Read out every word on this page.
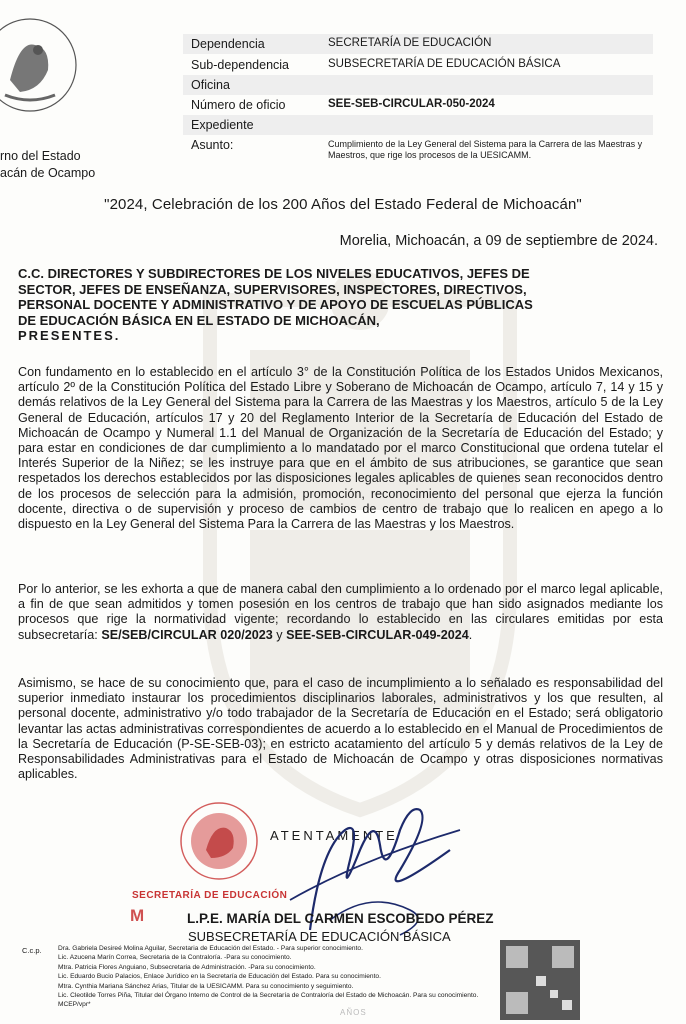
rno del Estado
acán de Ocampo
Dependencia	SECRETARÍA DE EDUCACIÓN
Sub-dependencia	SUBSECRETARÍA DE EDUCACIÓN BÁSICA
Oficina
Número de oficio	SEE-SEB-CIRCULAR-050-2024
Expediente
Asunto:	Cumplimiento de la Ley General del Sistema para la Carrera de las Maestras y Maestros, que rige los procesos de la UESICAMM.
"2024, Celebración de los 200 Años del Estado Federal de Michoacán"
Morelia, Michoacán, a 09 de septiembre de 2024.
C.C. DIRECTORES Y SUBDIRECTORES DE LOS NIVELES EDUCATIVOS, JEFES DE
SECTOR, JEFES DE ENSEÑANZA, SUPERVISORES, INSPECTORES, DIRECTIVOS,
PERSONAL DOCENTE Y ADMINISTRATIVO Y DE APOYO DE ESCUELAS PÚBLICAS
DE EDUCACIÓN BÁSICA EN EL ESTADO DE MICHOACÁN,
PRESENTES.
Con fundamento en lo establecido en el artículo 3° de la Constitución Política de los Estados Unidos Mexicanos, artículo 2º de la Constitución Política del Estado Libre y Soberano de Michoacán de Ocampo, artículo 7, 14 y 15 y demás relativos de la Ley General del Sistema para la Carrera de las Maestras y los Maestros, artículo 5 de la Ley General de Educación, artículos 17 y 20 del Reglamento Interior de la Secretaría de Educación del Estado de Michoacán de Ocampo y Numeral 1.1 del Manual de Organización de la Secretaría de Educación del Estado; y para estar en condiciones de dar cumplimiento a lo mandatado por el marco Constitucional que ordena tutelar el Interés Superior de la Niñez; se les instruye para que en el ámbito de sus atribuciones, se garantice que sean respetados los derechos establecidos por las disposiciones legales aplicables de quienes sean reconocidos dentro de los procesos de selección para la admisión, promoción, reconocimiento del personal que ejerza la función docente, directiva o de supervisión y proceso de cambios de centro de trabajo que lo realicen en apego a lo dispuesto en la Ley General del Sistema Para la Carrera de las Maestras y los Maestros.
Por lo anterior, se les exhorta a que de manera cabal den cumplimiento a lo ordenado por el marco legal aplicable, a fin de que sean admitidos y tomen posesión en los centros de trabajo que han sido asignados mediante los procesos que rige la normatividad vigente; recordando lo establecido en las circulares emitidas por esta subsecretaría: SE/SEB/CIRCULAR 020/2023 y SEE-SEB-CIRCULAR-049-2024.
Asimismo, se hace de su conocimiento que, para el caso de incumplimiento a lo señalado es responsabilidad del superior inmediato instaurar los procedimientos disciplinarios laborales, administrativos y los que resulten, al personal docente, administrativo y/o todo trabajador de la Secretaría de Educación en el Estado; será obligatorio levantar las actas administrativas correspondientes de acuerdo a lo establecido en el Manual de Procedimientos de la Secretaría de Educación (P-SE-SEB-03); en estricto acatamiento del artículo 5 y demás relativos de la Ley de Responsabilidades Administrativas para el Estado de Michoacán de Ocampo y otras disposiciones normativas aplicables.
ATENTAMENTE
SECRETARÍA DE EDUCACIÓN
M	L.P.E. MARÍA DEL CARMEN ESCOBEDO PÉREZ
SUBSECRETARÍA DE EDUCACIÓN BÁSICA
C.c.p. Dra. Gabriela Desireé Molina Aguilar, Secretaria de Educación del Estado. - Para superior conocimiento.
Lic. Azucena Marín Correa, Secretaria de la Contraloría. -Para su conocimiento.
Mtra. Patricia Flores Anguiano, Subsecretaria de Administración. -Para su conocimiento.
Lic. Eduardo Bucio Palacios, Enlace Jurídico en la Secretaría de Educación del Estado. Para su conocimiento.
Mtra. Cynthia Mariana Sánchez Arias, Titular de la UESICAMM. Para su conocimiento y seguimiento.
Lic. Cleotilde Torres Piña, Titular del Órgano Interno de Control de la Secretaría de Contraloría del Estado de Michoacán. Para su conocimiento.
MCEP/vpr*
AÑOS
